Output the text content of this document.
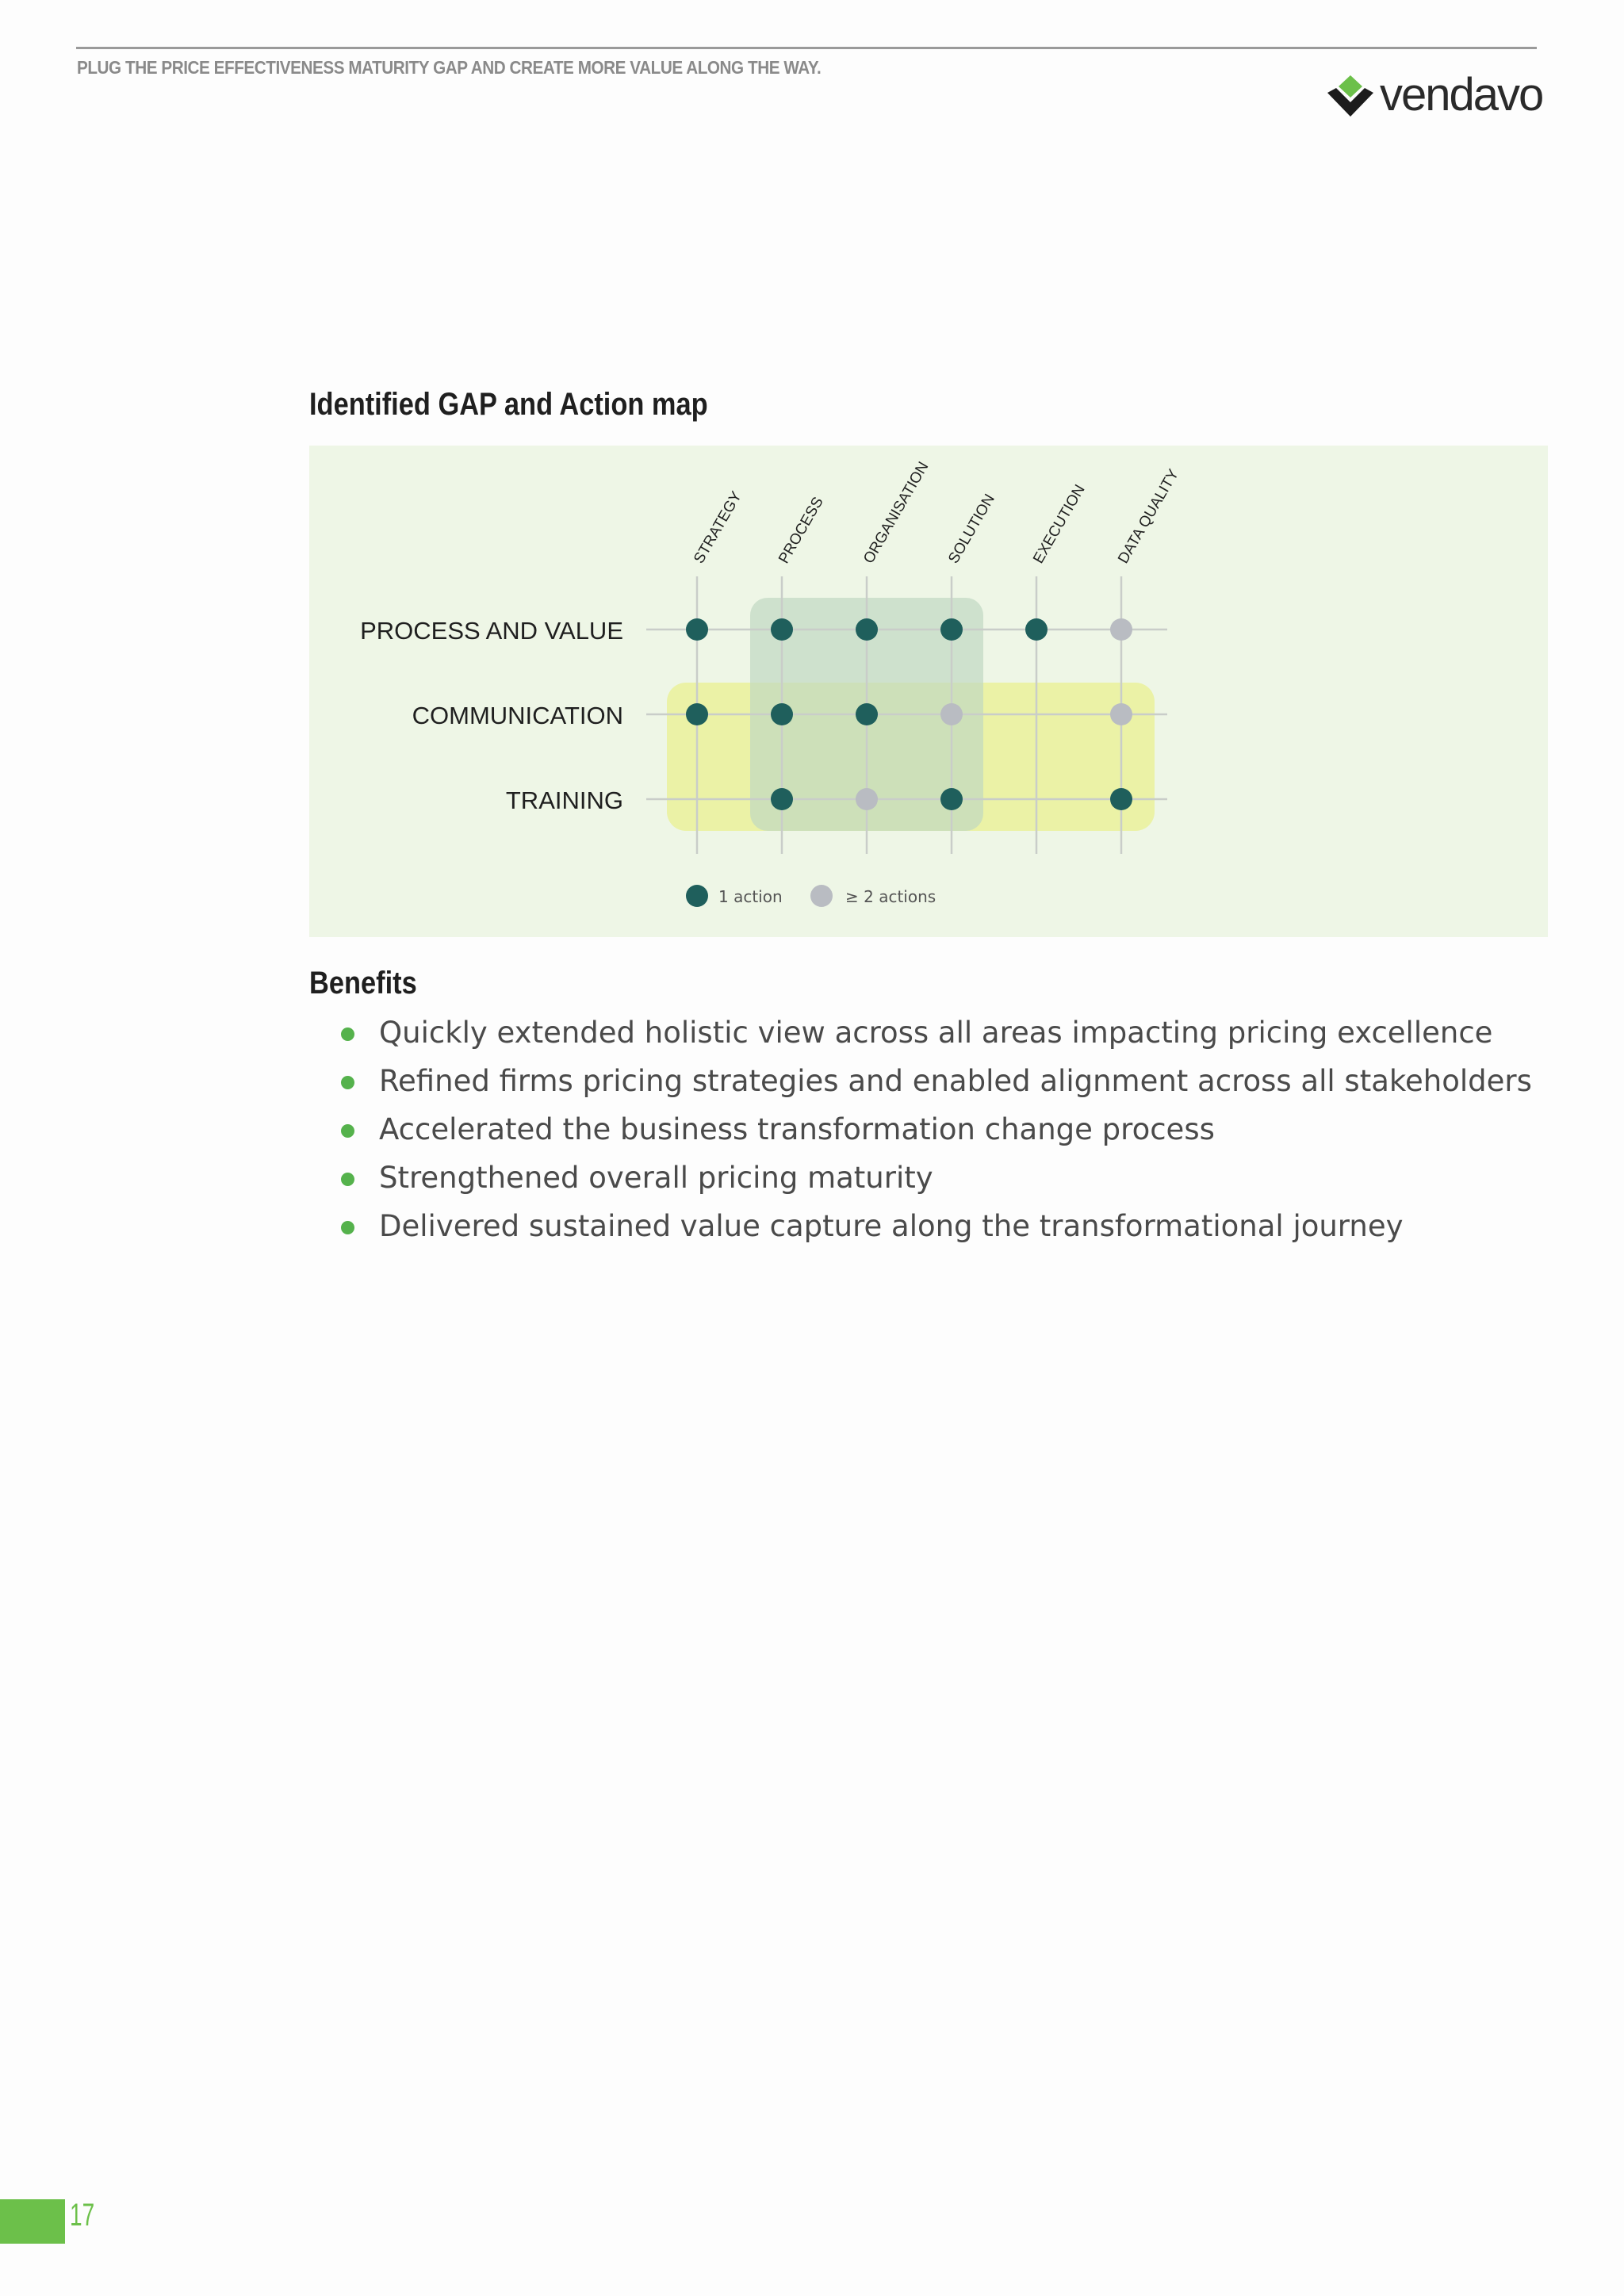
PLUG THE PRICE EFFECTIVENESS MATURITY GAP AND CREATE MORE VALUE ALONG THE WAY.

vendavo
Identified GAP and Action map
STRATEGY PROCESS ORGANISATION SOLUTION EXECUTION DATA QUALITY
PROCESS AND VALUE
COMMUNICATION
TRAINING
1 action	≥ 2 actions
Benefits
Quickly extended holistic view across all areas impacting pricing excellence
Refined firms pricing strategies and enabled alignment across all stakeholders
Accelerated the business transformation change process
Strengthened overall pricing maturity
Delivered sustained value capture along the transformational journey
17
